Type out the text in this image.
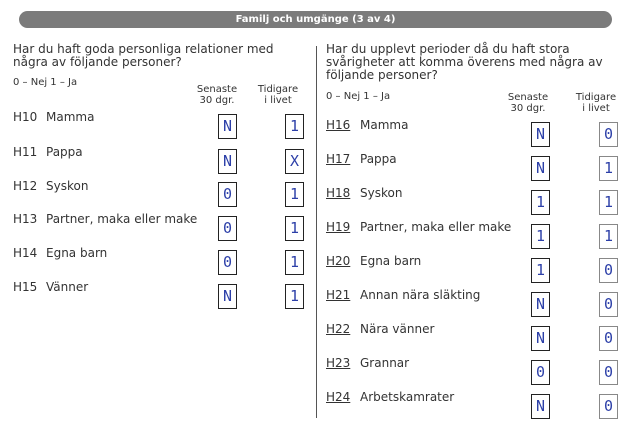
Familj och umgänge (3 av 4)
Har du haft goda personliga relationer med några av följande personer?
0 – Nej 1 – Ja
Senaste
30 dgr.
Tidigare
i livet
H10 Mamma	N	1
H11 Pappa	N	X
H12 Syskon	0	1
H13 Partner, maka eller make	0	1
H14 Egna barn	0	1
H15 Vänner	N	1
Har du upplevt perioder då du haft stora svårigheter att komma överens med några av följande personer?
0 – Nej 1 – Ja	Senaste
30 dgr.
Tidigare
i livet
H16 Mamma	N	0
H17 Pappa	N	1
H18 Syskon	1	1
H19 Partner, maka eller make	1	1
H20 Egna barn	1	0
H21 Annan nära släkting	N	0
H22 Nära vänner	N	0
H23 Grannar	0	0
H24 Arbetskamrater	N	0
